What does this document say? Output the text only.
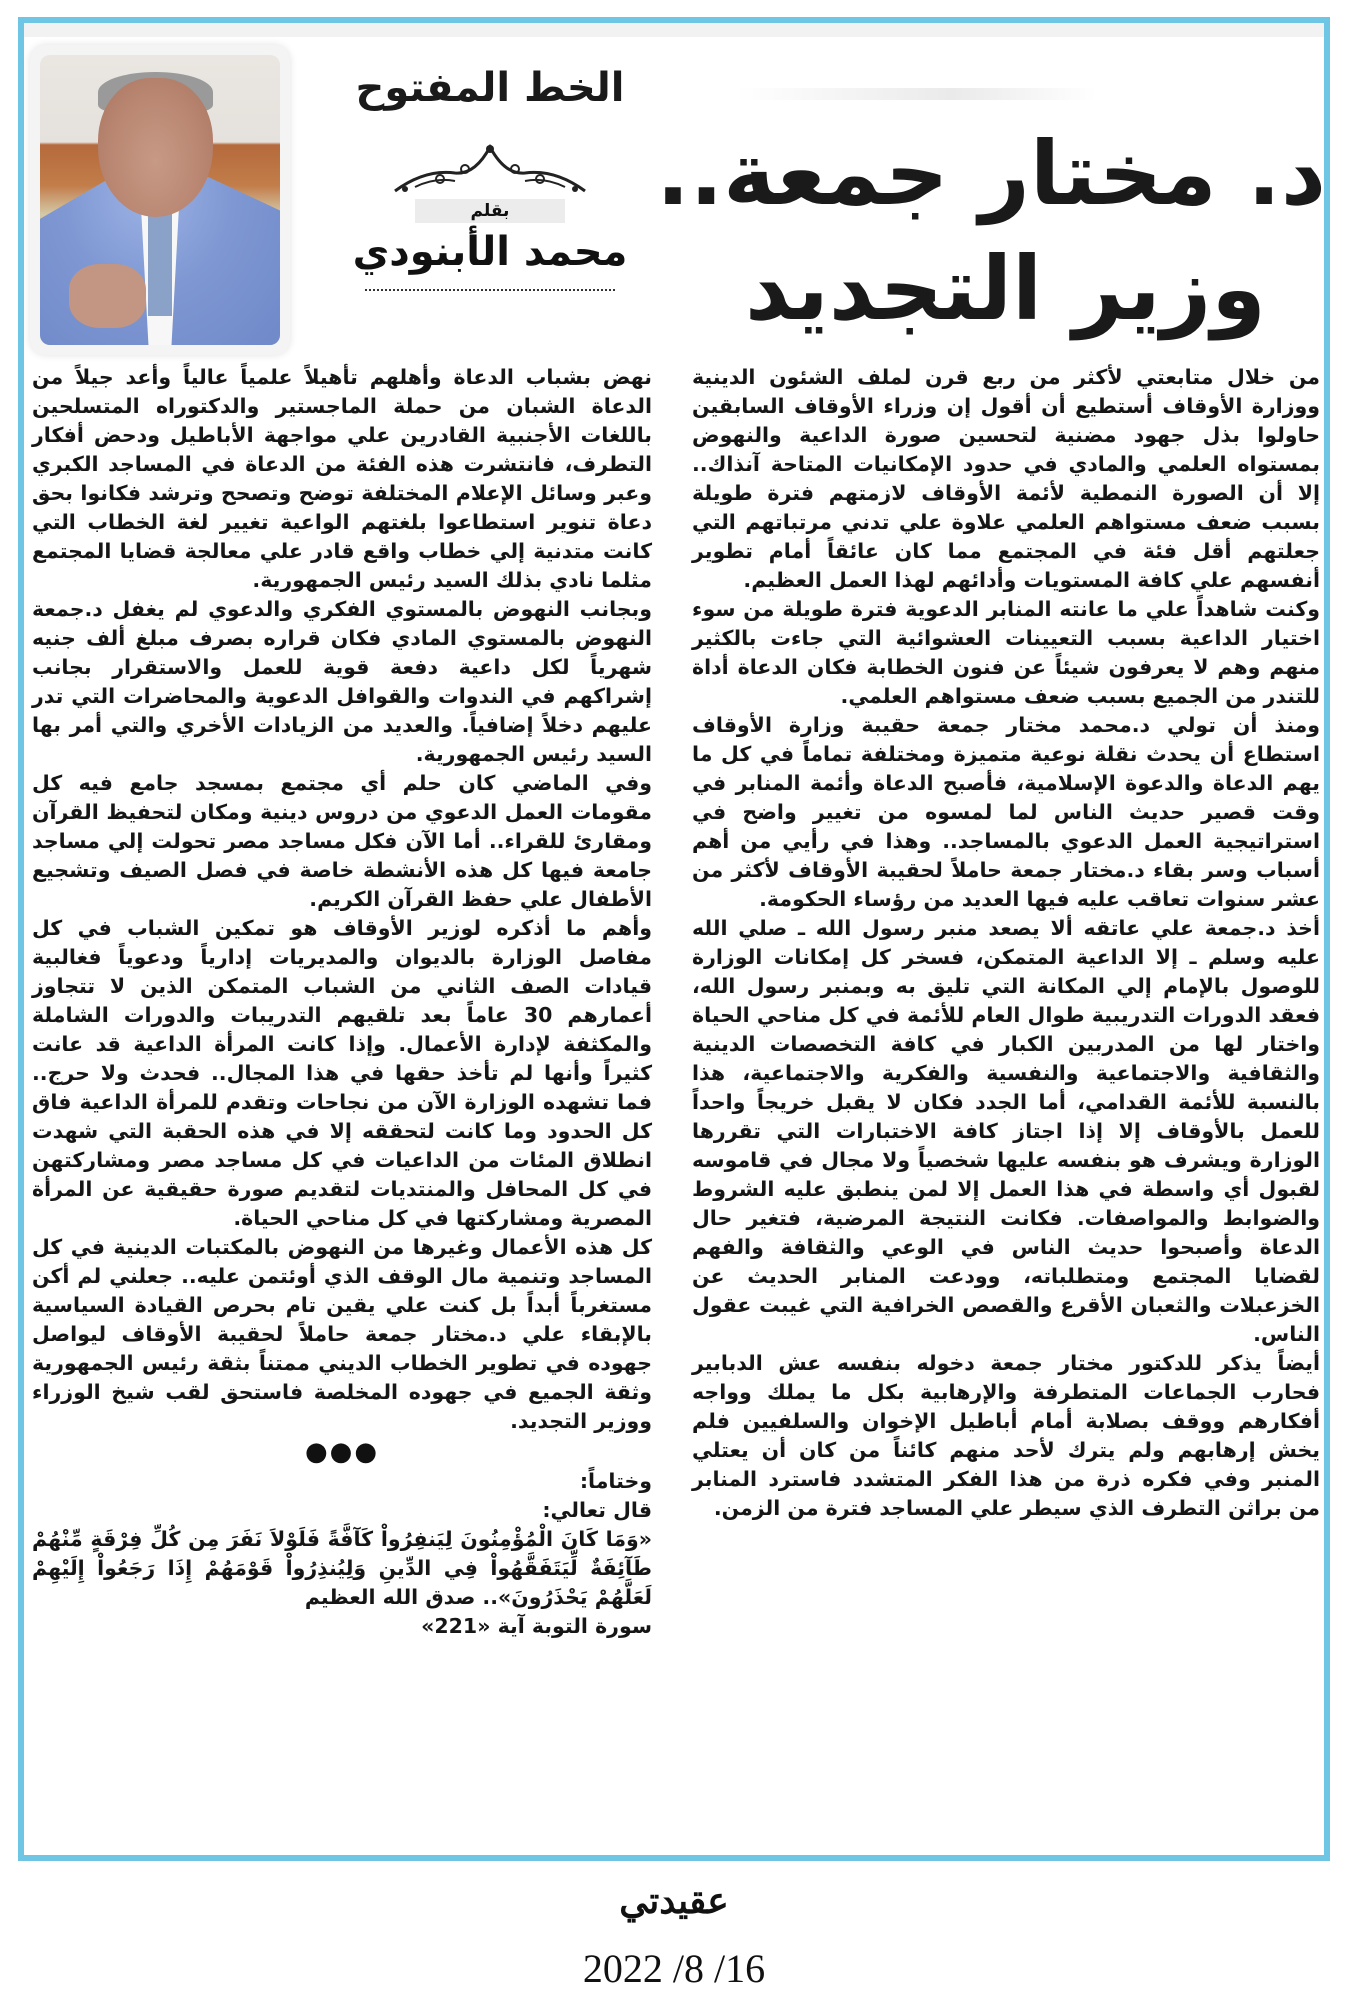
الخط المفتوح
بقلم
محمد الأبنودي
د. مختار جمعة..
وزير التجديد

من خلال متابعتي لأكثر من ربع قرن لملف الشئون الدينية ووزارة الأوقاف أستطيع أن أقول إن وزراء الأوقاف السابقين حاولوا بذل جهود مضنية لتحسين صورة الداعية والنهوض بمستواه العلمي والمادي في حدود الإمكانيات المتاحة آنذاك.. إلا أن الصورة النمطية لأئمة الأوقاف لازمتهم فترة طويلة بسبب ضعف مستواهم العلمي علاوة علي تدني مرتباتهم التي جعلتهم أقل فئة في المجتمع مما كان عائقاً أمام تطوير أنفسهم علي كافة المستويات وأدائهم لهذا العمل العظيم.

وكنت شاهداً علي ما عانته المنابر الدعوية فترة طويلة من سوء اختيار الداعية بسبب التعيينات العشوائية التي جاءت بالكثير منهم وهم لا يعرفون شيئاً عن فنون الخطابة فكان الدعاة أداة للتندر من الجميع بسبب ضعف مستواهم العلمي.

ومنذ أن تولي د.محمد مختار جمعة حقيبة وزارة الأوقاف استطاع أن يحدث نقلة نوعية متميزة ومختلفة تماماً في كل ما يهم الدعاة والدعوة الإسلامية، فأصبح الدعاة وأئمة المنابر في وقت قصير حديث الناس لما لمسوه من تغيير واضح في استراتيجية العمل الدعوي بالمساجد.. وهذا في رأيي من أهم أسباب وسر بقاء د.مختار جمعة حاملاً لحقيبة الأوقاف لأكثر من عشر سنوات تعاقب عليه فيها العديد من رؤساء الحكومة.

أخذ د.جمعة علي عاتقه ألا يصعد منبر رسول الله ـ صلي الله عليه وسلم ـ إلا الداعية المتمكن، فسخر كل إمكانات الوزارة للوصول بالإمام إلي المكانة التي تليق به وبمنبر رسول الله، فعقد الدورات التدريبية طوال العام للأئمة في كل مناحي الحياة واختار لها من المدربين الكبار في كافة التخصصات الدينية والثقافية والاجتماعية والنفسية والفكرية والاجتماعية، هذا بالنسبة للأئمة القدامي، أما الجدد فكان لا يقبل خريجاً واحداً للعمل بالأوقاف إلا إذا اجتاز كافة الاختبارات التي تقررها الوزارة ويشرف هو بنفسه عليها شخصياً ولا مجال في قاموسه لقبول أي واسطة في هذا العمل إلا لمن ينطبق عليه الشروط والضوابط والمواصفات. فكانت النتيجة المرضية، فتغير حال الدعاة وأصبحوا حديث الناس في الوعي والثقافة والفهم لقضايا المجتمع ومتطلباته، وودعت المنابر الحديث عن الخزعبلات والثعبان الأقرع والقصص الخرافية التي غيبت عقول الناس.

أيضاً يذكر للدكتور مختار جمعة دخوله بنفسه عش الدبابير فحارب الجماعات المتطرفة والإرهابية بكل ما يملك وواجه أفكارهم ووقف بصلابة أمام أباطيل الإخوان والسلفيين فلم يخش إرهابهم ولم يترك لأحد منهم كائناً من كان أن يعتلي المنبر وفي فكره ذرة من هذا الفكر المتشدد فاسترد المنابر من براثن التطرف الذي سيطر علي المساجد فترة من الزمن.

نهض بشباب الدعاة وأهلهم تأهيلاً علمياً عالياً وأعد جيلاً من الدعاة الشبان من حملة الماجستير والدكتوراه المتسلحين باللغات الأجنبية القادرين علي مواجهة الأباطيل ودحض أفكار التطرف، فانتشرت هذه الفئة من الدعاة في المساجد الكبري وعبر وسائل الإعلام المختلفة توضح وتصحح وترشد فكانوا بحق دعاة تنوير استطاعوا بلغتهم الواعية تغيير لغة الخطاب التي كانت متدنية إلي خطاب واقع قادر علي معالجة قضايا المجتمع مثلما نادي بذلك السيد رئيس الجمهورية.

وبجانب النهوض بالمستوي الفكري والدعوي لم يغفل د.جمعة النهوض بالمستوي المادي فكان قراره بصرف مبلغ ألف جنيه شهرياً لكل داعية دفعة قوية للعمل والاستقرار بجانب إشراكهم في الندوات والقوافل الدعوية والمحاضرات التي تدر عليهم دخلاً إضافياً. والعديد من الزيادات الأخري والتي أمر بها السيد رئيس الجمهورية.

وفي الماضي كان حلم أي مجتمع بمسجد جامع فيه كل مقومات العمل الدعوي من دروس دينية ومكان لتحفيظ القرآن ومقارئ للقراء.. أما الآن فكل مساجد مصر تحولت إلي مساجد جامعة فيها كل هذه الأنشطة خاصة في فصل الصيف وتشجيع الأطفال علي حفظ القرآن الكريم.

وأهم ما أذكره لوزير الأوقاف هو تمكين الشباب في كل مفاصل الوزارة بالديوان والمديريات إدارياً ودعوياً فغالبية قيادات الصف الثاني من الشباب المتمكن الذين لا تتجاوز أعمارهم 30 عاماً بعد تلقيهم التدريبات والدورات الشاملة والمكثفة لإدارة الأعمال. وإذا كانت المرأة الداعية قد عانت كثيراً وأنها لم تأخذ حقها في هذا المجال.. فحدث ولا حرج.. فما تشهده الوزارة الآن من نجاحات وتقدم للمرأة الداعية فاق كل الحدود وما كانت لتحققه إلا في هذه الحقبة التي شهدت انطلاق المئات من الداعيات في كل مساجد مصر ومشاركتهن في كل المحافل والمنتديات لتقديم صورة حقيقية عن المرأة المصرية ومشاركتها في كل مناحي الحياة.

كل هذه الأعمال وغيرها من النهوض بالمكتبات الدينية في كل المساجد وتنمية مال الوقف الذي أوئتمن عليه.. جعلني لم أكن مستغرباً أبداً بل كنت علي يقين تام بحرص القيادة السياسية بالإبقاء علي د.مختار جمعة حاملاً لحقيبة الأوقاف ليواصل جهوده في تطوير الخطاب الديني ممتناً بثقة رئيس الجمهورية وثقة الجميع في جهوده المخلصة فاستحق لقب شيخ الوزراء ووزير التجديد.

●●●

وختاماً:

قال تعالي:

«وَمَا كَانَ الْمُؤْمِنُونَ لِيَنفِرُواْ كَآفَّةً فَلَوْلاَ نَفَرَ مِن كُلِّ فِرْقَةٍ مِّنْهُمْ طَآئِفَةٌ لِّيَتَفَقَّهُواْ فِي الدِّينِ وَلِيُنذِرُواْ قَوْمَهُمْ إِذَا رَجَعُواْ إِلَيْهِمْ لَعَلَّهُمْ يَحْذَرُونَ».. صدق الله العظيم

سورة التوبة آية «221»

عقيدتي
2022 /8 /16
